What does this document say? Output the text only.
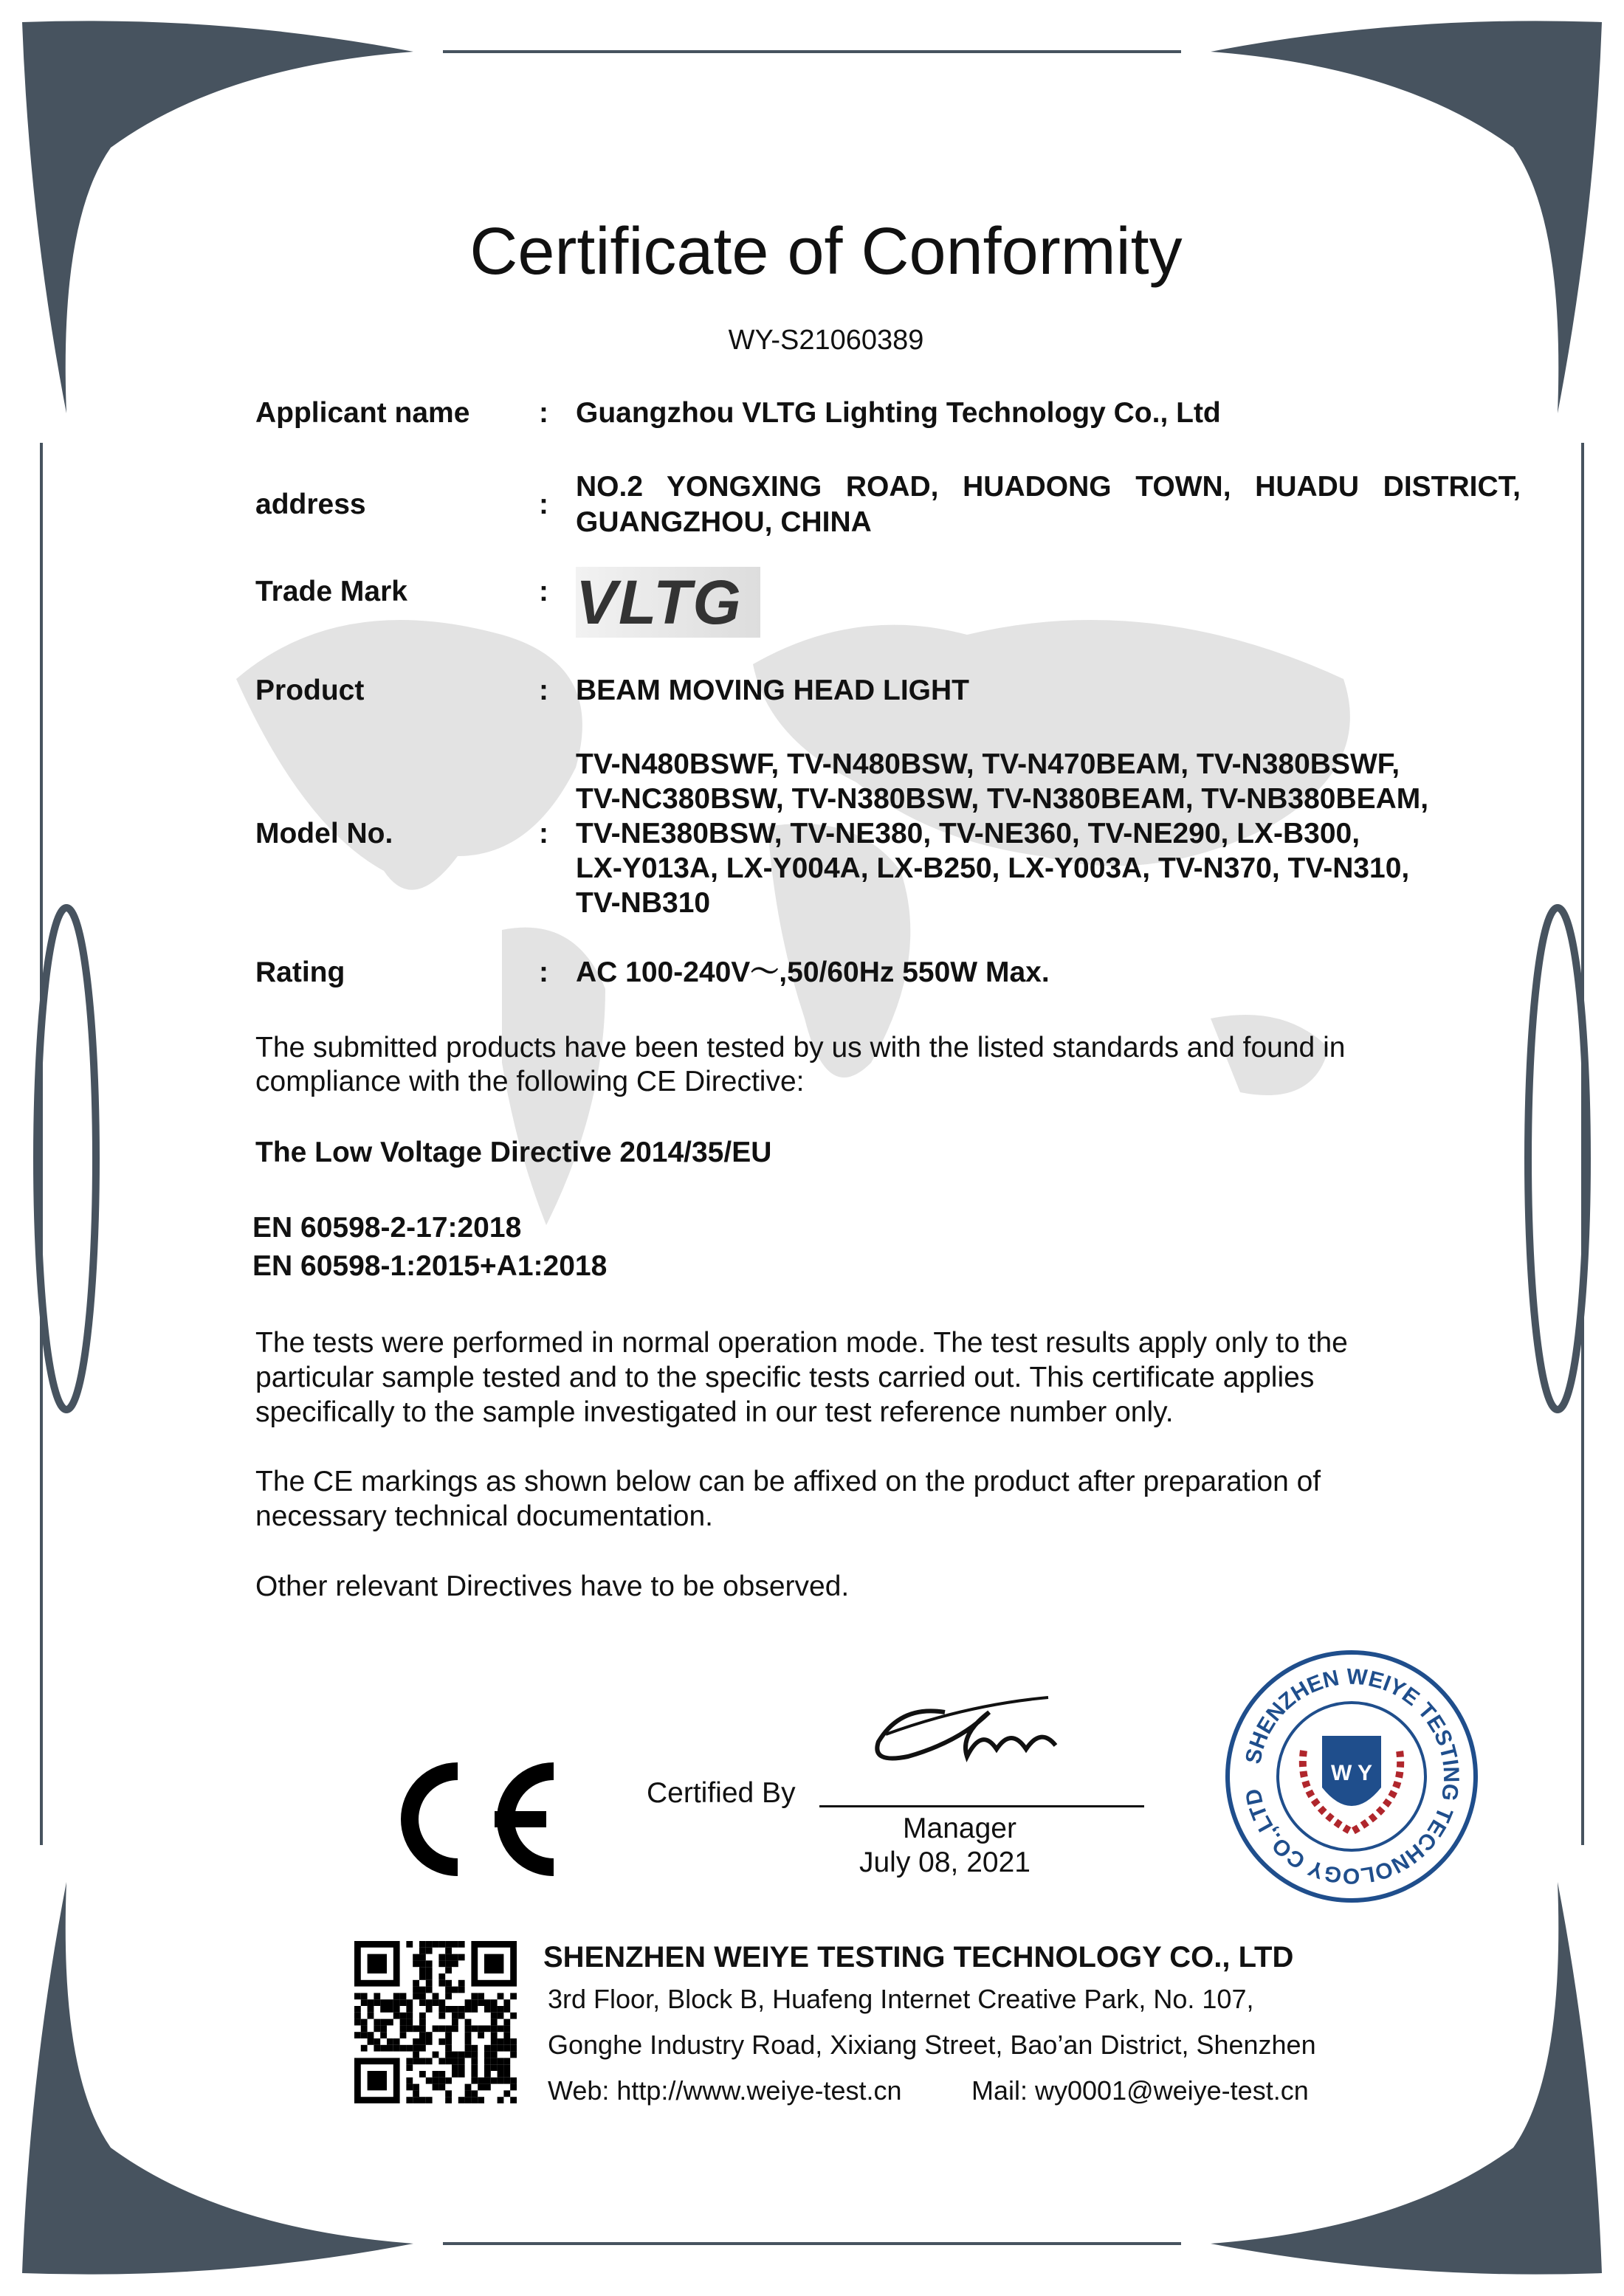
Certificate of Conformity
WY-S21060389
Applicant name : Guangzhou VLTG Lighting Technology Co., Ltd
address	:
NO.2 YONGXING ROAD, HUADONG TOWN, HUADU DISTRICT,
GUANGZHOU, CHINA
Trade Mark	: VLTG
Product	: BEAM MOVING HEAD LIGHT
Model No.	:
TV-N480BSWF, TV-N480BSW, TV-N470BEAM, TV-N380BSWF,
TV-NC380BSW, TV-N380BSW, TV-N380BEAM, TV-NB380BEAM,
TV-NE380BSW, TV-NE380, TV-NE360, TV-NE290, LX-B300,
LX-Y013A, LX-Y004A, LX-B250, LX-Y003A, TV-N370, TV-N310,
TV-NB310
Rating	: AC 100-240V～,50/60Hz 550W Max.
The submitted products have been tested by us with the listed standards and found in
compliance with the following CE Directive:
The Low Voltage Directive 2014/35/EU
EN 60598-2-17:2018
EN 60598-1:2015+A1:2018
The tests were performed in normal operation mode. The test results apply only to the
particular sample tested and to the specific tests carried out. This certificate applies
specifically to the sample investigated in our test reference number only.
The CE markings as shown below can be affixed on the product after preparation of
necessary technical documentation.
Other relevant Directives have to be observed.
Certified By
Manager
July 08, 2021
SHENZHEN WEIYE TESTING TECHNOLOGY CO.,LTD
W Y
SHENZHEN WEIYE TESTING TECHNOLOGY CO., LTD
3rd Floor, Block B, Huafeng Internet Creative Park, No. 107,
Gonghe Industry Road, Xixiang Street, Bao’an District, Shenzhen
Web: http://www.weiye-test.cn	Mail: wy0001@weiye-test.cn
